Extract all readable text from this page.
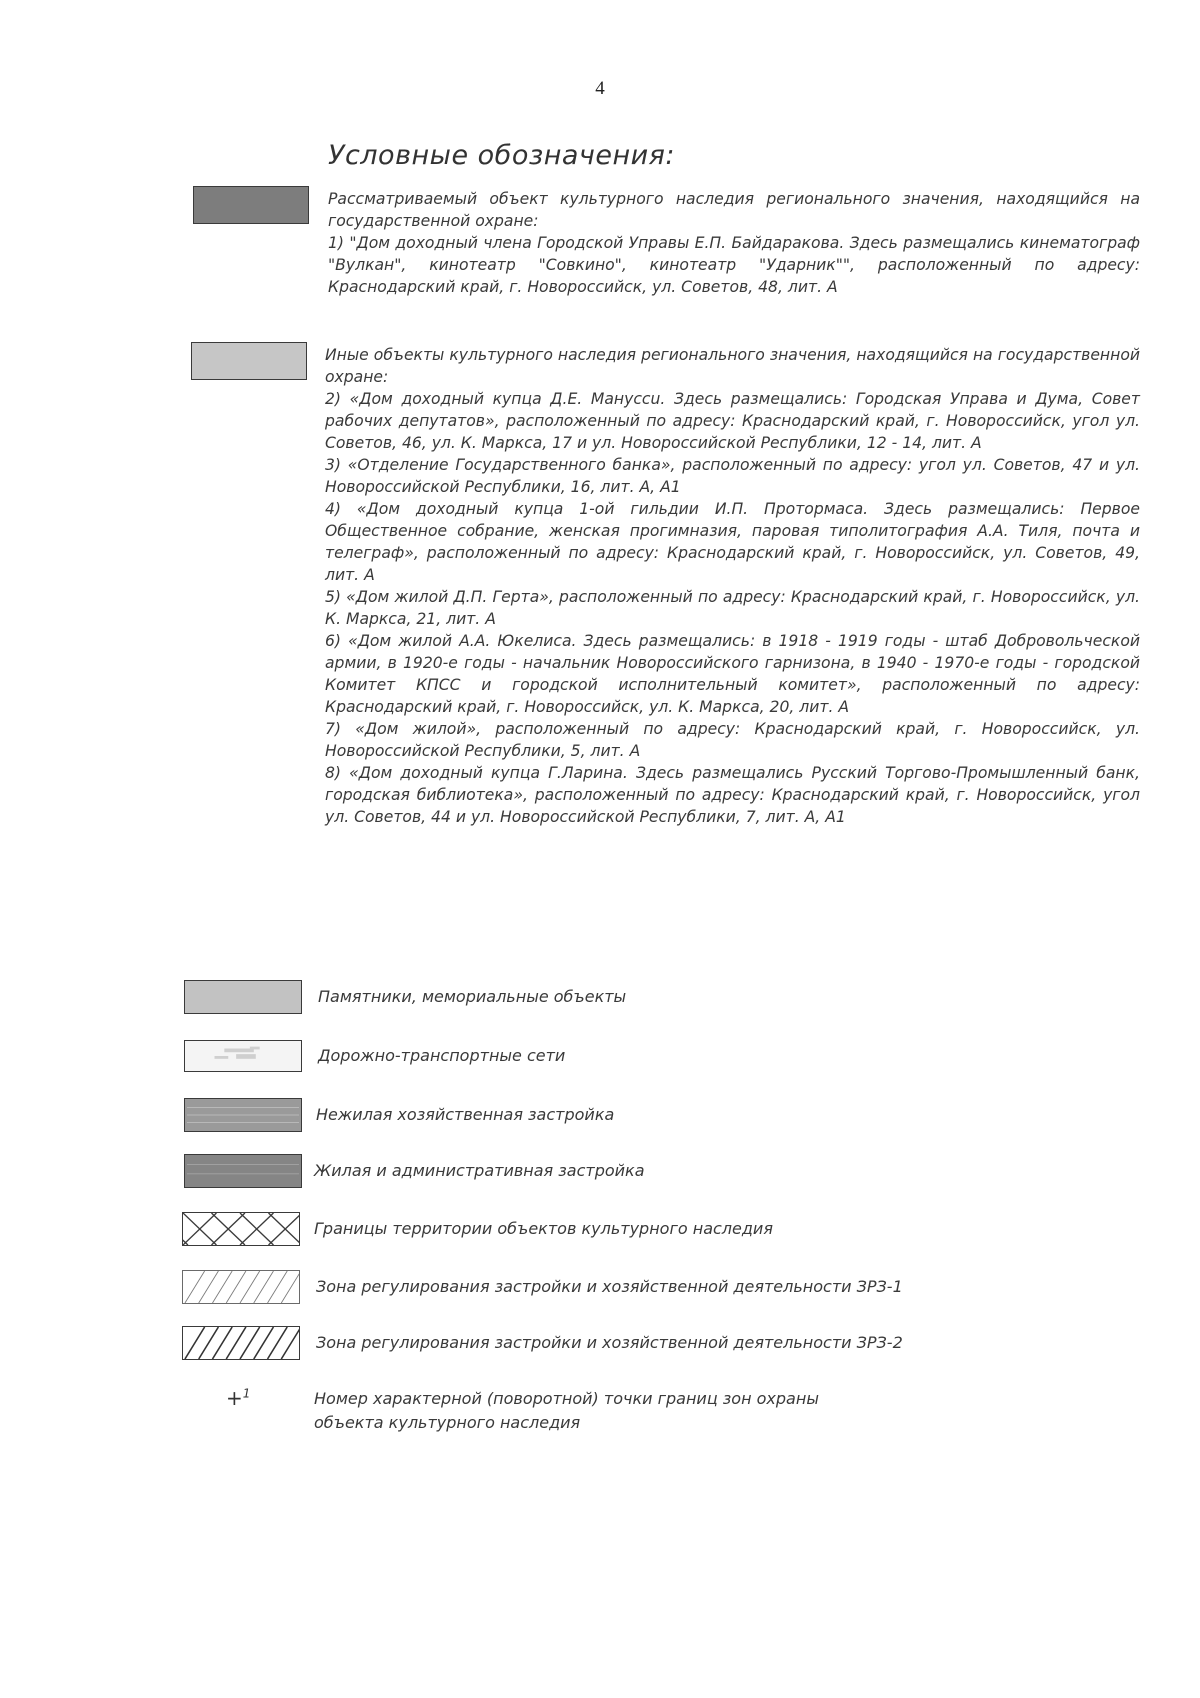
4
Условные обозначения:

Рассматриваемый объект культурного наследия регионального значения, находящийся на государственной охране:

1) "Дом доходный члена Городской Управы Е.П. Байдаракова. Здесь размещались кинематограф "Вулкан", кинотеатр "Совкино", кинотеатр "Ударник"", расположенный по адресу: Краснодарский край, г. Новороссийск, ул. Советов, 48, лит. А

Иные объекты культурного наследия регионального значения, находящийся на государственной охране:

2) «Дом доходный купца Д.Е. Мануссu. Здесь размещались: Городская Управа и Дума, Совет рабочих депутатов», расположенный по адресу: Краснодарский край, г. Новороссийск, угол ул. Советов, 46, ул. К. Маркса, 17 и ул. Новороссийской Республики, 12 - 14, лит. А

3) «Отделение Государственного банка», расположенный по адресу: угол ул. Советов, 47 и ул. Новороссийской Республики, 16, лит. А, А1

4) «Дом доходный купца 1-ой гильдии И.П. Протормаса. Здесь размещались: Первое Общественное собрание, женская прогимназия, паровая типолитография А.А. Тиля, почта и телеграф», расположенный по адресу: Краснодарский край, г. Новороссийск, ул. Советов, 49, лит. А

5) «Дом жилой Д.П. Герта», расположенный по адресу: Краснодарский край, г. Новороссийск, ул. К. Маркса, 21, лит. А

6) «Дом жилой А.А. Юкелиса. Здесь размещались: в 1918 - 1919 годы - штаб Добровольческой армии, в 1920-е годы - начальник Новороссийского гарнизона, в 1940 - 1970-е годы - городской Комитет КПСС и городской исполнительный комитет», расположенный по адресу: Краснодарский край, г. Новороссийск, ул. К. Маркса, 20, лит. А

7) «Дом жилой», расположенный по адресу: Краснодарский край, г. Новороссийск, ул. Новороссийской Республики, 5, лит. А

8) «Дом доходный купца Г.Ларина. Здесь размещались Русский Торгово-Промышленный банк, городская библиотека», расположенный по адресу: Краснодарский край, г. Новороссийск, угол ул. Советов, 44 и ул. Новороссийской Республики, 7, лит. А, А1

Памятники, мемориальные объекты
Дорожно-транспортные сети
Нежилая хозяйственная застройка
Жилая и административная застройка
Границы территории объектов культурного наследия
Зона регулирования застройки и хозяйственной деятельности ЗРЗ-1
Зона регулирования застройки и хозяйственной деятельности ЗРЗ-2
+$^1$	Номер характерной (поворотной) точки границ зон охраны объекта культурного наследия
